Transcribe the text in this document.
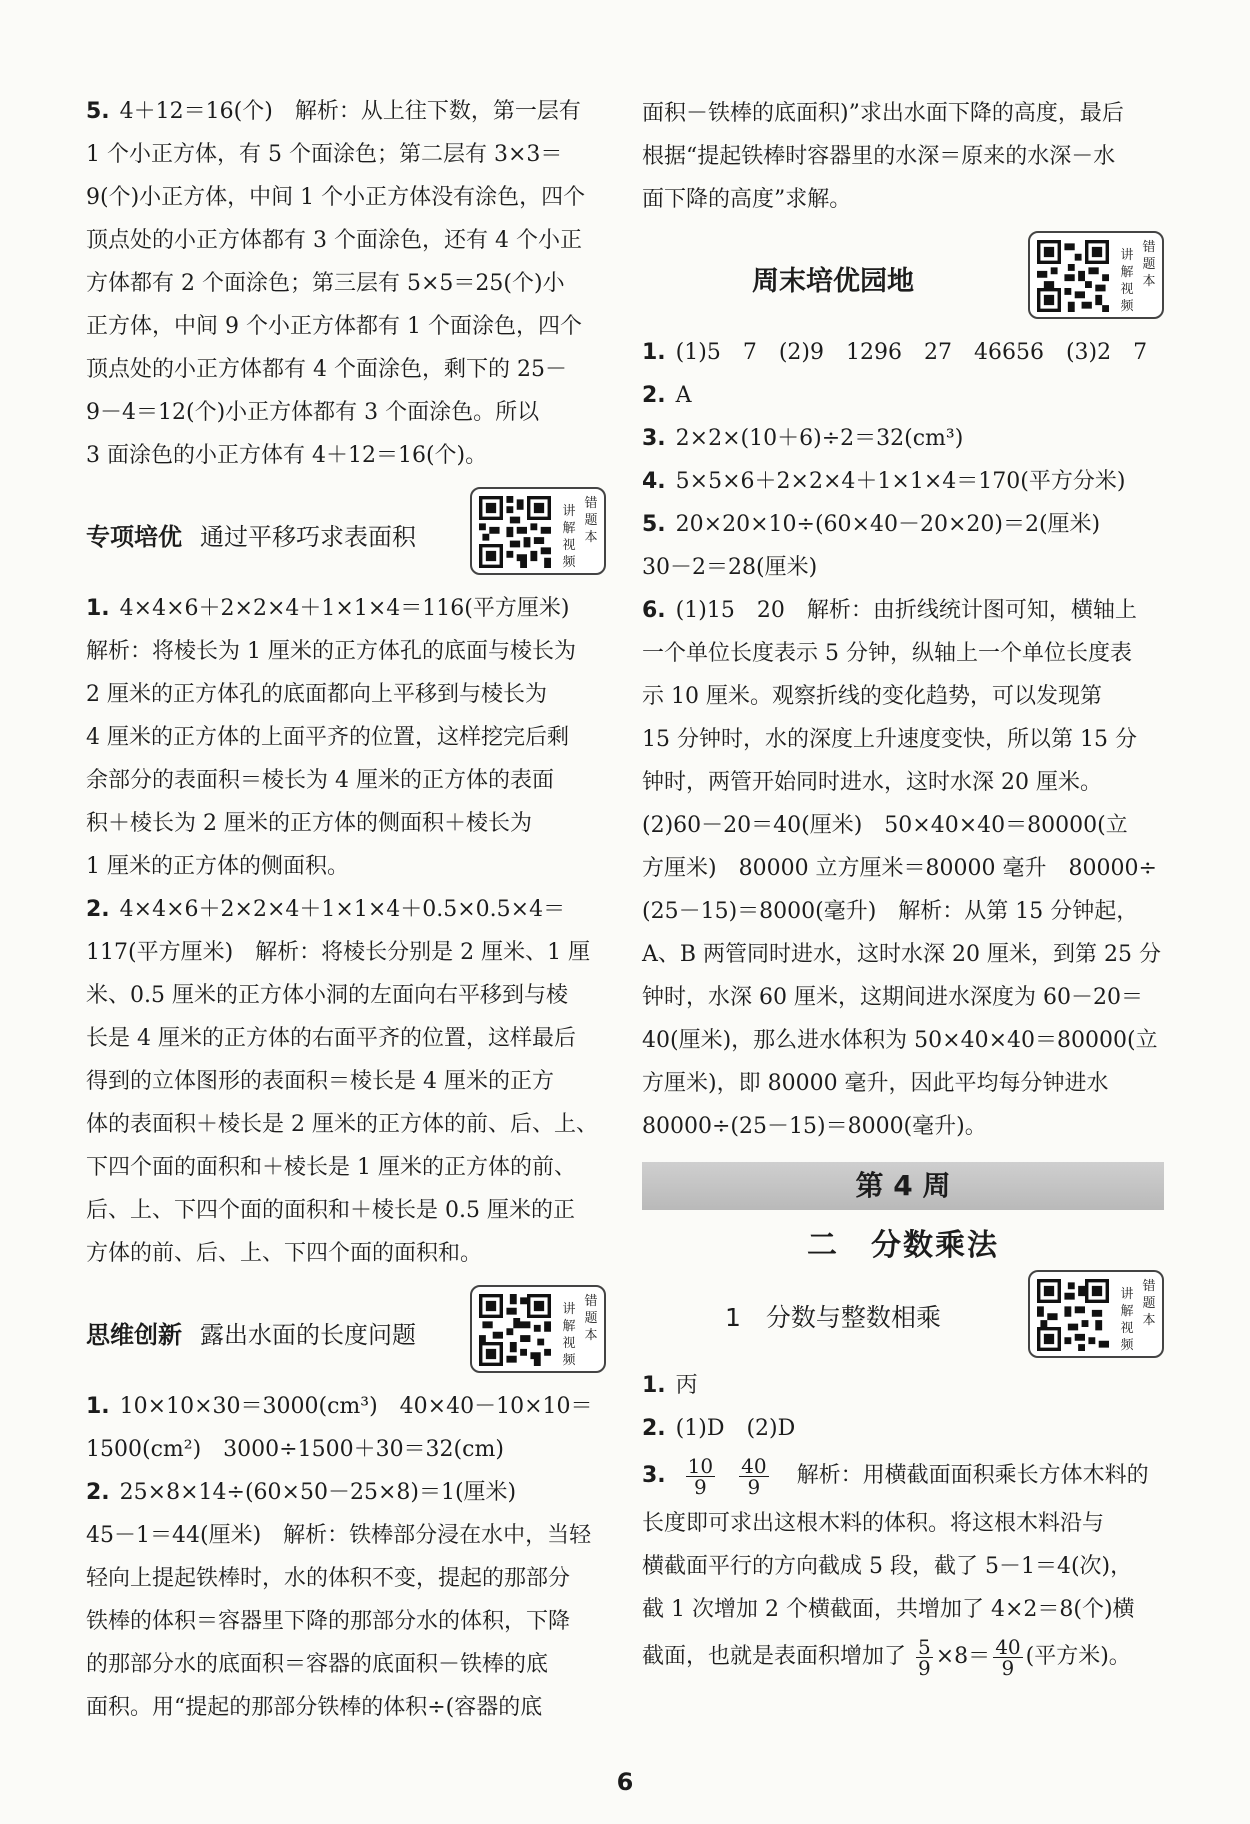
5. 4＋12＝16(个)　解析：从上往下数，第一层有

1 个小正方体，有 5 个面涂色；第二层有 3×3＝

9(个)小正方体，中间 1 个小正方体没有涂色，四个

顶点处的小正方体都有 3 个面涂色，还有 4 个小正

方体都有 2 个面涂色；第三层有 5×5＝25(个)小

正方体，中间 9 个小正方体都有 1 个面涂色，四个

顶点处的小正方体都有 4 个面涂色，剩下的 25－

9－4＝12(个)小正方体都有 3 个面涂色。所以

3 面涂色的小正方体有 4＋12＝16(个)。

专项培优 通过平移巧求表面积
讲解视频
错题本

1. 4×4×6＋2×2×4＋1×1×4＝116(平方厘米)

解析：将棱长为 1 厘米的正方体孔的底面与棱长为

2 厘米的正方体孔的底面都向上平移到与棱长为

4 厘米的正方体的上面平齐的位置，这样挖完后剩

余部分的表面积＝棱长为 4 厘米的正方体的表面

积＋棱长为 2 厘米的正方体的侧面积＋棱长为

1 厘米的正方体的侧面积。

2. 4×4×6＋2×2×4＋1×1×4＋0.5×0.5×4＝

117(平方厘米)　解析：将棱长分别是 2 厘米、1 厘

米、0.5 厘米的正方体小洞的左面向右平移到与棱

长是 4 厘米的正方体的右面平齐的位置，这样最后

得到的立体图形的表面积＝棱长是 4 厘米的正方

体的表面积＋棱长是 2 厘米的正方体的前、后、上、

下四个面的面积和＋棱长是 1 厘米的正方体的前、

后、上、下四个面的面积和＋棱长是 0.5 厘米的正

方体的前、后、上、下四个面的面积和。

思维创新 露出水面的长度问题
讲解视频
错题本

1. 10×10×30＝3000(cm³)　40×40－10×10＝

1500(cm²)　3000÷1500＋30＝32(cm)

2. 25×8×14÷(60×50－25×8)＝1(厘米)

45－1＝44(厘米)　解析：铁棒部分浸在水中，当轻

轻向上提起铁棒时，水的体积不变，提起的那部分

铁棒的体积＝容器里下降的那部分水的体积，下降

的那部分水的底面积＝容器的底面积－铁棒的底

面积。用“提起的那部分铁棒的体积÷(容器的底

面积－铁棒的底面积)”求出水面下降的高度，最后

根据“提起铁棒时容器里的水深＝原来的水深－水

面下降的高度”求解。

周末培优园地
讲解视频
错题本

1. (1)5　7　(2)9　1296　27　46656　(3)2　7

2. A

3. 2×2×(10＋6)÷2＝32(cm³)

4. 5×5×6＋2×2×4＋1×1×4＝170(平方分米)

5. 20×20×10÷(60×40－20×20)＝2(厘米)

30－2＝28(厘米)

6. (1)15　20　解析：由折线统计图可知，横轴上

一个单位长度表示 5 分钟，纵轴上一个单位长度表

示 10 厘米。观察折线的变化趋势，可以发现第

15 分钟时，水的深度上升速度变快，所以第 15 分

钟时，两管开始同时进水，这时水深 20 厘米。

(2)60－20＝40(厘米)　50×40×40＝80000(立

方厘米)　80000 立方厘米＝80000 毫升　80000÷

(25－15)＝8000(毫升)　解析：从第 15 分钟起，

A、B 两管同时进水，这时水深 20 厘米，到第 25 分

钟时，水深 60 厘米，这期间进水深度为 60－20＝

40(厘米)，那么进水体积为 50×40×40＝80000(立

方厘米)，即 80000 毫升，因此平均每分钟进水

80000÷(25－15)＝8000(毫升)。

第 4 周
二　分数乘法
1　分数与整数相乘
讲解视频
错题本

1. 丙

2. (1)D　(2)D

3. $\frac{10}{9}$
$\frac{40}{9}$ 解析：用横截面面积乘长方体木料的

长度即可求出这根木料的体积。将这根木料沿与

横截面平行的方向截成 5 段，截了 5－1＝4(次)，

截 1 次增加 2 个横截面，共增加了 4×2＝8(个)横

截面，也就是表面积增加了 $\frac{5}{9} \times 8= \frac{40}{9}$ (平方米)。

6
